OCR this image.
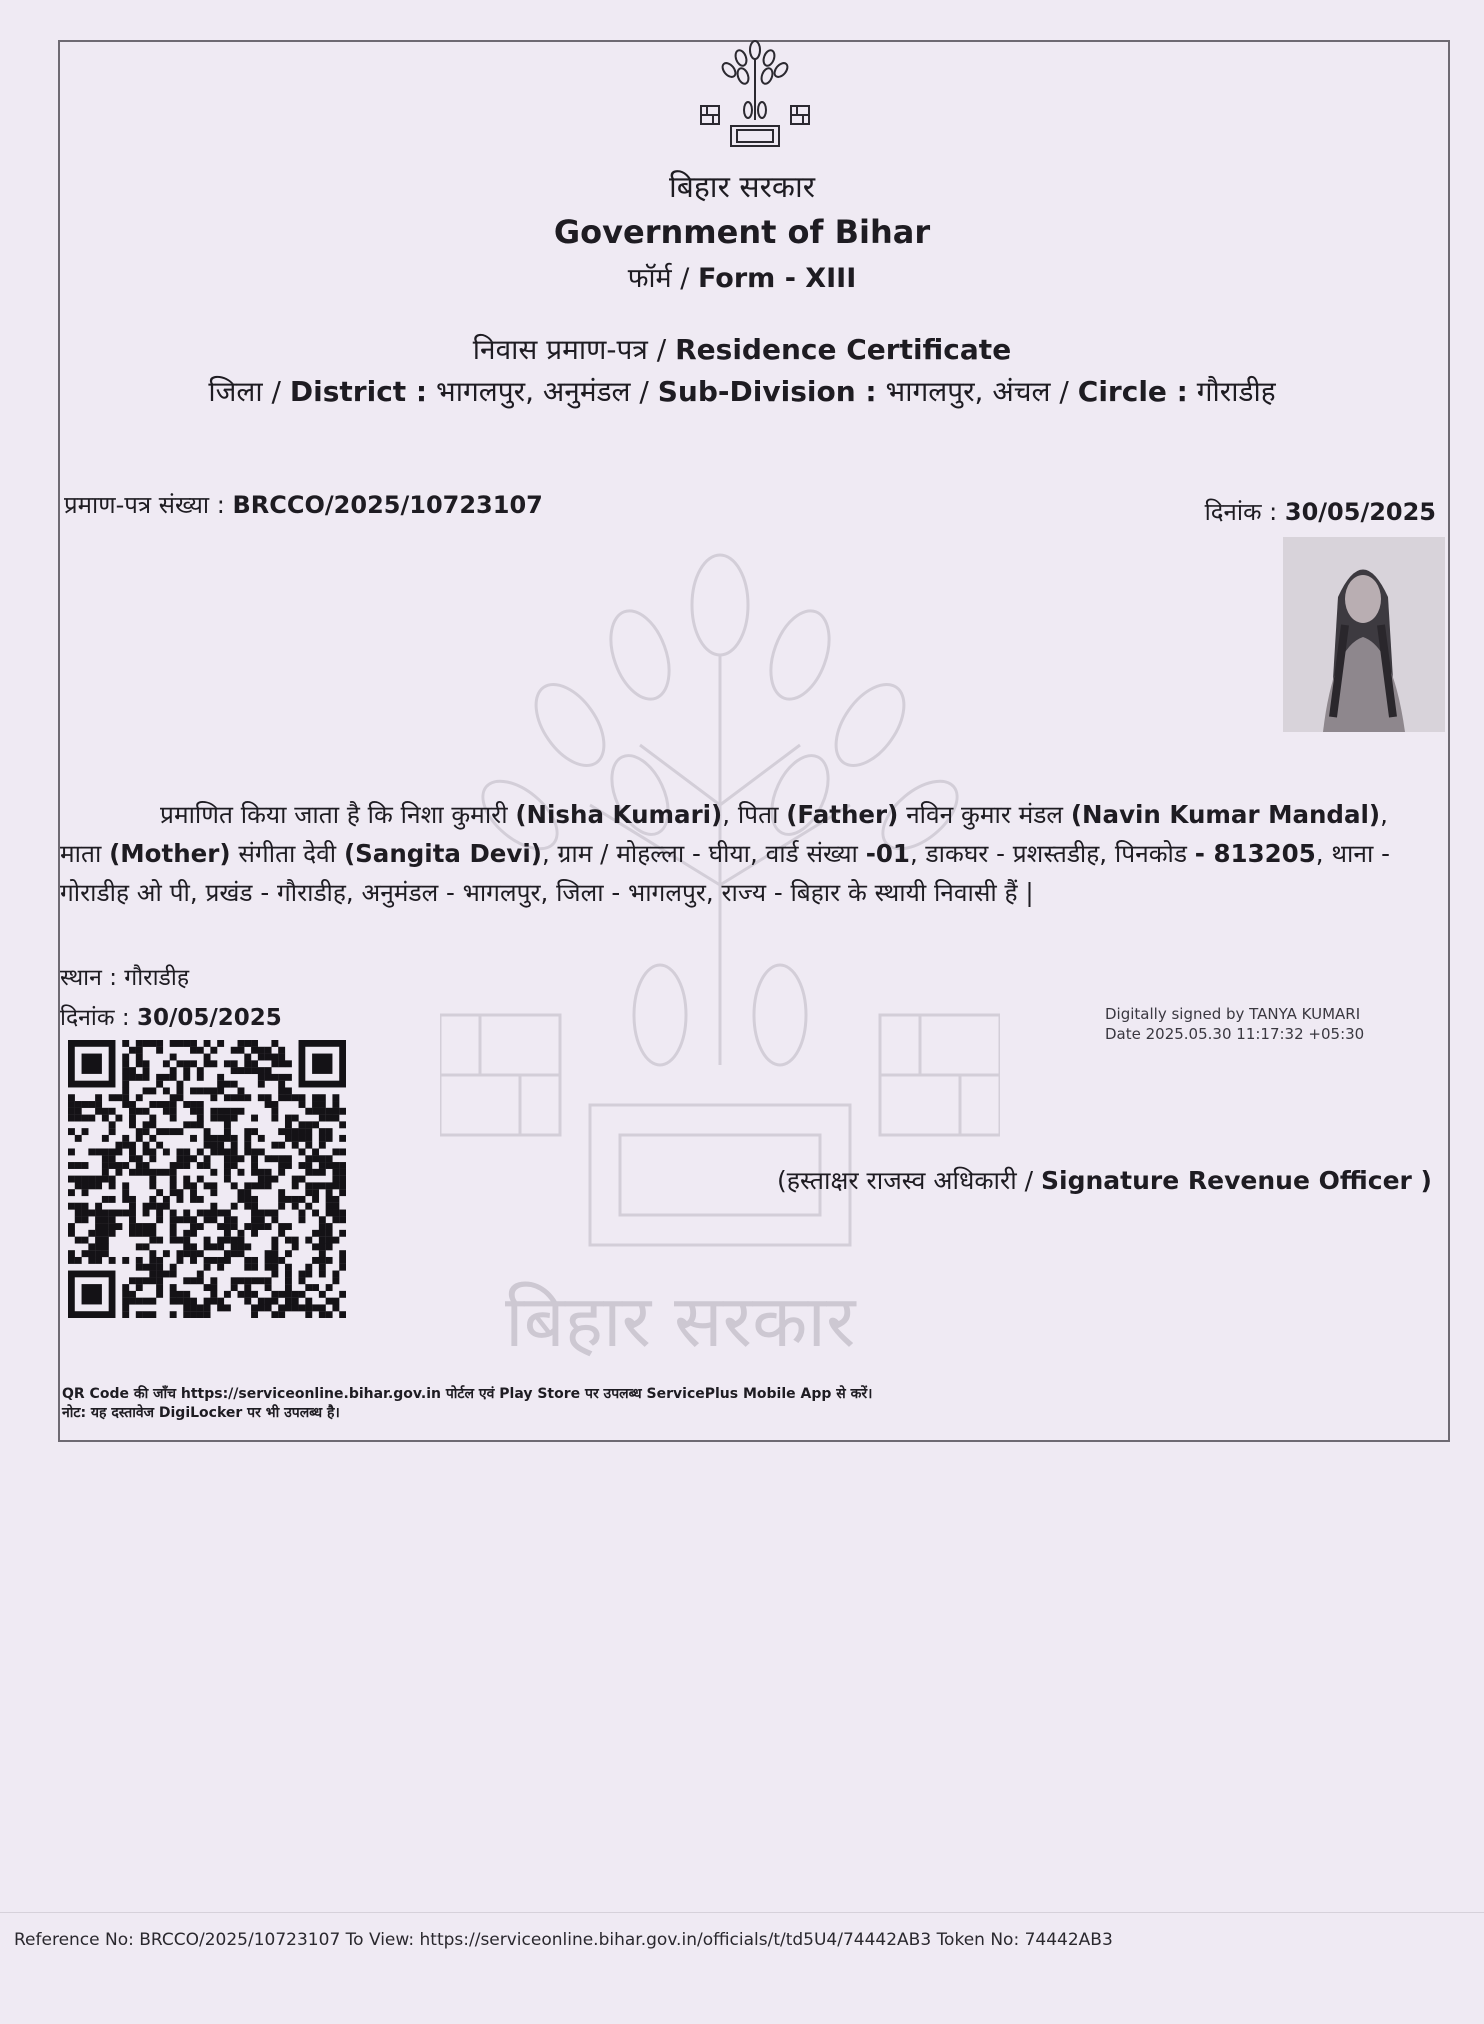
बिहार सरकार
बिहार सरकार
Government of Bihar
फॉर्म / Form - XIII
निवास प्रमाण-पत्र / Residence Certificate
जिला / District : भागलपुर, अनुमंडल / Sub-Division : भागलपुर, अंचल / Circle : गौराडीह
प्रमाण-पत्र संख्या : BRCCO/2025/10723107	दिनांक : 30/05/2025
प्रमाणित किया जाता है कि निशा कुमारी (Nisha Kumari), पिता (Father) नविन कुमार मंडल (Navin Kumar Mandal),
माता (Mother) संगीता देवी (Sangita Devi), ग्राम / मोहल्ला - घीया, वार्ड संख्या -01, डाकघर - प्रशस्तडीह, पिनकोड - 813205, थाना -
गोराडीह ओ पी, प्रखंड - गौराडीह, अनुमंडल - भागलपुर, जिला - भागलपुर, राज्य - बिहार के स्थायी निवासी हैं |
स्थान : गौराडीह
दिनांक : 30/05/2025	Digitally signed by TANYA KUMARI
Date 2025.05.30 11:17:32 +05:30
(हस्ताक्षर राजस्व अधिकारी / Signature Revenue Officer )
QR Code की जाँच https://serviceonline.bihar.gov.in पोर्टल एवं Play Store पर उपलब्ध ServicePlus Mobile App से करें।
नोट: यह दस्तावेज DigiLocker पर भी उपलब्ध है।
Reference No: BRCCO/2025/10723107 To View: https://serviceonline.bihar.gov.in/officials/t/td5U4/74442AB3 Token No: 74442AB3
